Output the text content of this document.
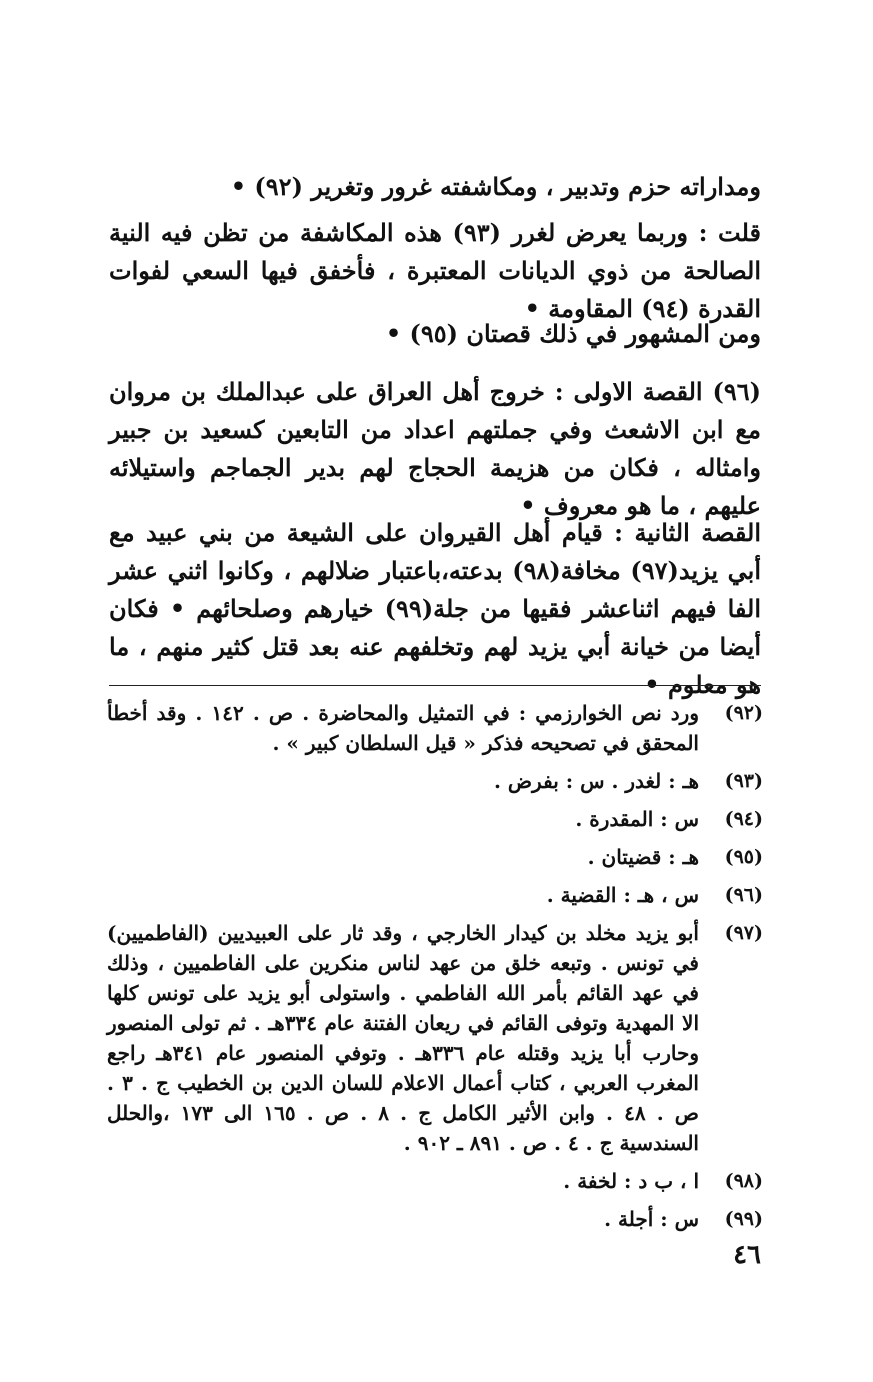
ومداراته حزم وتدبير ، ومكاشفته غرور وتغرير (٩٢) •
قلت : وربما يعرض لغرر (٩٣) هذه المكاشفة من تظن فيه النية الصالحة من ذوي الديانات المعتبرة ، فأخفق فيها السعي لفوات القدرة (٩٤) المقاومة •
ومن المشهور في ذلك قصتان (٩٥) •
(٩٦) القصة الاولى : خروج أهل العراق على عبدالملك بن مروان مع ابن الاشعث وفي جملتهم اعداد من التابعين كسعيد بن جبير وامثاله ، فكان من هزيمة الحجاج لهم بدير الجماجم واستيلائه عليهم ، ما هو معروف •
القصة الثانية : قيام أهل القيروان على الشيعة من بني عبيد مع أبي يزيد(٩٧) مخافة(٩٨) بدعته،باعتبار ضلالهم ، وكانوا اثني عشر الفا فيهم اثناعشر فقيها من جلة(٩٩) خيارهم وصلحائهم • فكان أيضا من خيانة أبي يزيد لهم وتخلفهم عنه بعد قتل كثير منهم ، ما هو معلوم •
(٩٢)
ورد نص الخوارزمي : في التمثيل والمحاضرة . ص . ١٤٢ . وقد أخطأ المحقق في تصحيحه فذكر « قيل السلطان كبير » .
(٩٣)
هـ : لغدر . س : بفرض .
(٩٤)
س : المقدرة .
(٩٥)
هـ : قضيتان .
(٩٦)
س ، هـ : القضية .
(٩٧)
أبو يزيد مخلد بن كيدار الخارجي ، وقد ثار على العبيديين (الفاطميين) في تونس . وتبعه خلق من عهد لناس منكرين على الفاطميين ، وذلك في عهد القائم بأمر الله الفاطمي . واستولى أبو يزيد على تونس كلها الا المهدية وتوفى القائم في ريعان الفتنة عام ٣٣٤هـ . ثم تولى المنصور وحارب أبا يزيد وقتله عام ٣٣٦هـ . وتوفي المنصور عام ٣٤١هـ راجع المغرب العربي ، كتاب أعمال الاعلام للسان الدين بن الخطيب ج . ٣ . ص . ٤٨ . وابن الأثير الكامل ج . ٨ . ص . ١٦٥ الى ١٧٣ ،والحلل السندسية ج . ٤ . ص . ٨٩١ ـ ٩٠٢ .
(٩٨)
ا ، ب د : لخفة .
(٩٩)
س : أجلة .
٤٦
